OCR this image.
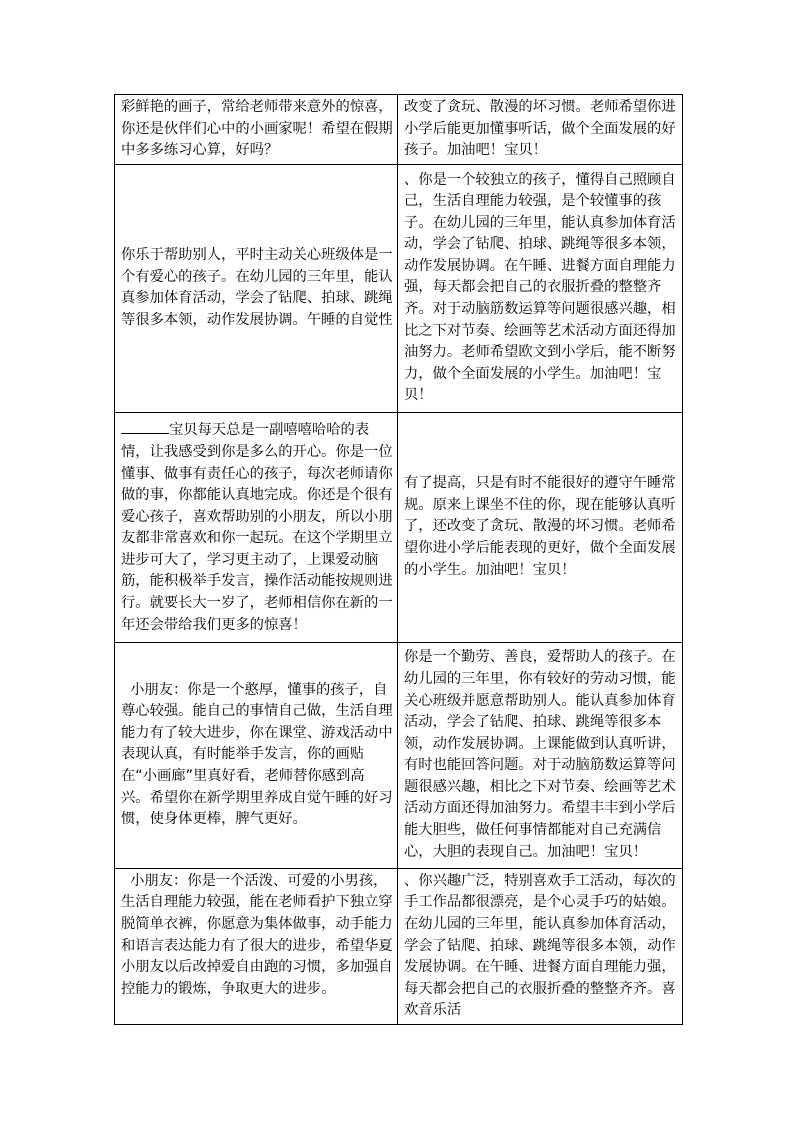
彩鲜艳的画子，常给老师带来意外的惊喜，你还是伙伴们心中的小画家呢！希望在假期中多多练习心算，好吗？	改变了贪玩、散漫的坏习惯。老师希望你进小学后能更加懂事听话，做个全面发展的好孩子。加油吧！宝贝！
你乐于帮助别人，平时主动关心班级体是一个有爱心的孩子。在幼儿园的三年里，能认真参加体育活动，学会了钻爬、拍球、跳绳等很多本领，动作发展协调。午睡的自觉性	、你是一个较独立的孩子，懂得自己照顾自己，生活自理能力较强，是个较懂事的孩子。在幼儿园的三年里，能认真参加体育活动，学会了钻爬、拍球、跳绳等很多本领，动作发展协调。在午睡、进餐方面自理能力强，每天都会把自己的衣服折叠的整整齐齐。对于动脑筋数运算等问题很感兴趣，相比之下对节奏、绘画等艺术活动方面还得加油努力。老师希望欧文到小学后，能不断努力，做个全面发展的小学生。加油吧！宝贝！
宝贝每天总是一副嘻嘻哈哈的表情，让我感受到你是多么的开心。你是一位懂事、做事有责任心的孩子，每次老师请你做的事，你都能认真地完成。你还是个很有爱心孩子，喜欢帮助别的小朋友，所以小朋友都非常喜欢和你一起玩。在这个学期里立进步可大了，学习更主动了，上课爱动脑筋，能积极举手发言，操作活动能按规则进行。就要长大一岁了，老师相信你在新的一年还会带给我们更多的惊喜！	有了提高，只是有时不能很好的遵守午睡常规。原来上课坐不住的你，现在能够认真听了，还改变了贪玩、散漫的坏习惯。老师希望你进小学后能表现的更好，做个全面发展的小学生。加油吧！宝贝！
小朋友：你是一个憨厚，懂事的孩子，自尊心较强。能自己的事情自己做，生活自理能力有了较大进步，你在课堂、游戏活动中表现认真，有时能举手发言，你的画贴在“小画廊”里真好看，老师替你感到高兴。希望你在新学期里养成自觉午睡的好习惯，使身体更棒，脾气更好。	你是一个勤劳、善良，爱帮助人的孩子。在幼儿园的三年里，你有较好的劳动习惯，能关心班级并愿意帮助别人。能认真参加体育活动，学会了钻爬、拍球、跳绳等很多本领，动作发展协调。上课能做到认真听讲，有时也能回答问题。对于动脑筋数运算等问题很感兴趣，相比之下对节奏、绘画等艺术活动方面还得加油努力。希望丰丰到小学后能大胆些，做任何事情都能对自己充满信心，大胆的表现自己。加油吧！宝贝！
小朋友：你是一个活泼、可爱的小男孩，生活自理能力较强，能在老师看护下独立穿脱简单衣裤，你愿意为集体做事，动手能力和语言表达能力有了很大的进步，希望华夏小朋友以后改掉爱自由跑的习惯，多加强自控能力的锻炼，争取更大的进步。	、你兴趣广泛，特别喜欢手工活动，每次的手工作品都很漂亮，是个心灵手巧的姑娘。在幼儿园的三年里，能认真参加体育活动，学会了钻爬、拍球、跳绳等很多本领，动作发展协调。在午睡、进餐方面自理能力强，每天都会把自己的衣服折叠的整整齐齐。喜欢音乐活
